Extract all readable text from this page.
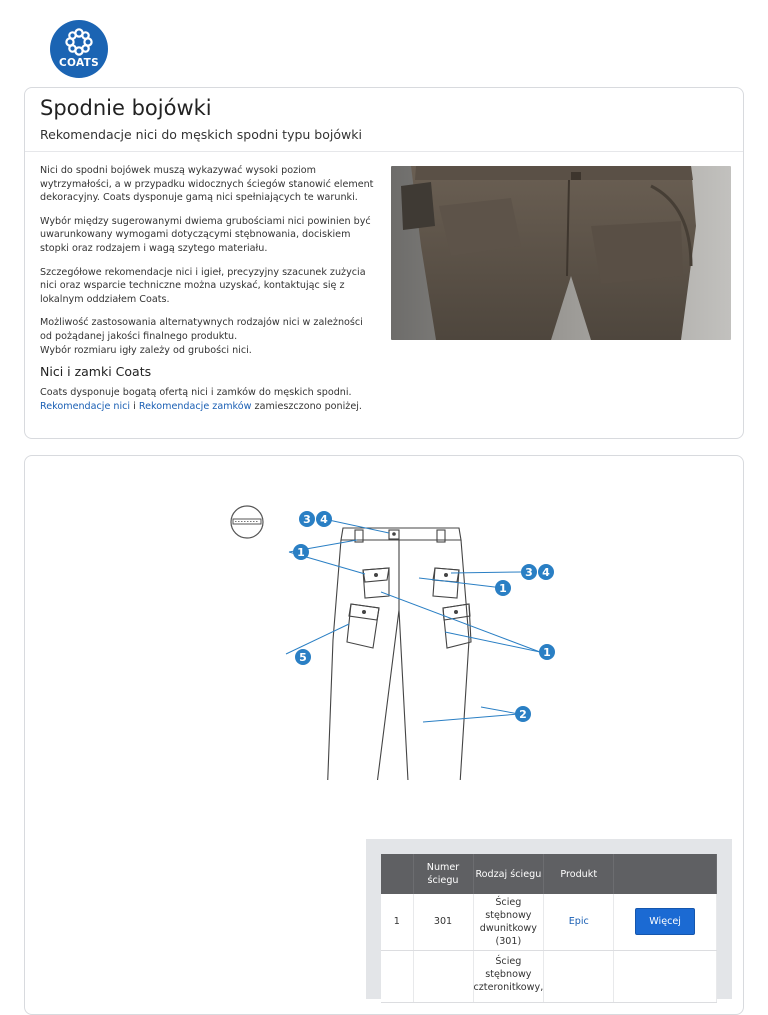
COATS
Spodnie bojówki
Rekomendacje nici do męskich spodni typu bojówki

Nici do spodni bojówek muszą wykazywać wysoki poziom wytrzymałości, a w przypadku widocznych ściegów stanowić element dekoracyjny. Coats dysponuje gamą nici spełniających te warunki.

Wybór między sugerowanymi dwiema grubościami nici powinien być uwarunkowany wymogami dotyczącymi stębnowania, dociskiem stopki oraz rodzajem i wagą szytego materiału.

Szczegółowe rekomendacje nici i igieł, precyzyjny szacunek zużycia nici oraz wsparcie techniczne można uzyskać, kontaktując się z lokalnym oddziałem Coats.

Możliwość zastosowania alternatywnych rodzajów nici w zależności od pożądanej jakości finalnego produktu.
Wybór rozmiaru igły zależy od grubości nici.

Nici i zamki Coats
Coats dysponuje bogatą ofertą nici i zamków do męskich spodni.
Rekomendacje nici i Rekomendacje zamków zamieszczono poniżej.
3 4
1
3 4
1
5	1
2
	Numer ściegu	Rodzaj ściegu	Produkt	
1	301	Ścieg stębnowy dwunitkowy (301)	Epic	Więcej
		Ścieg stębnowy czteronitkowy,		
